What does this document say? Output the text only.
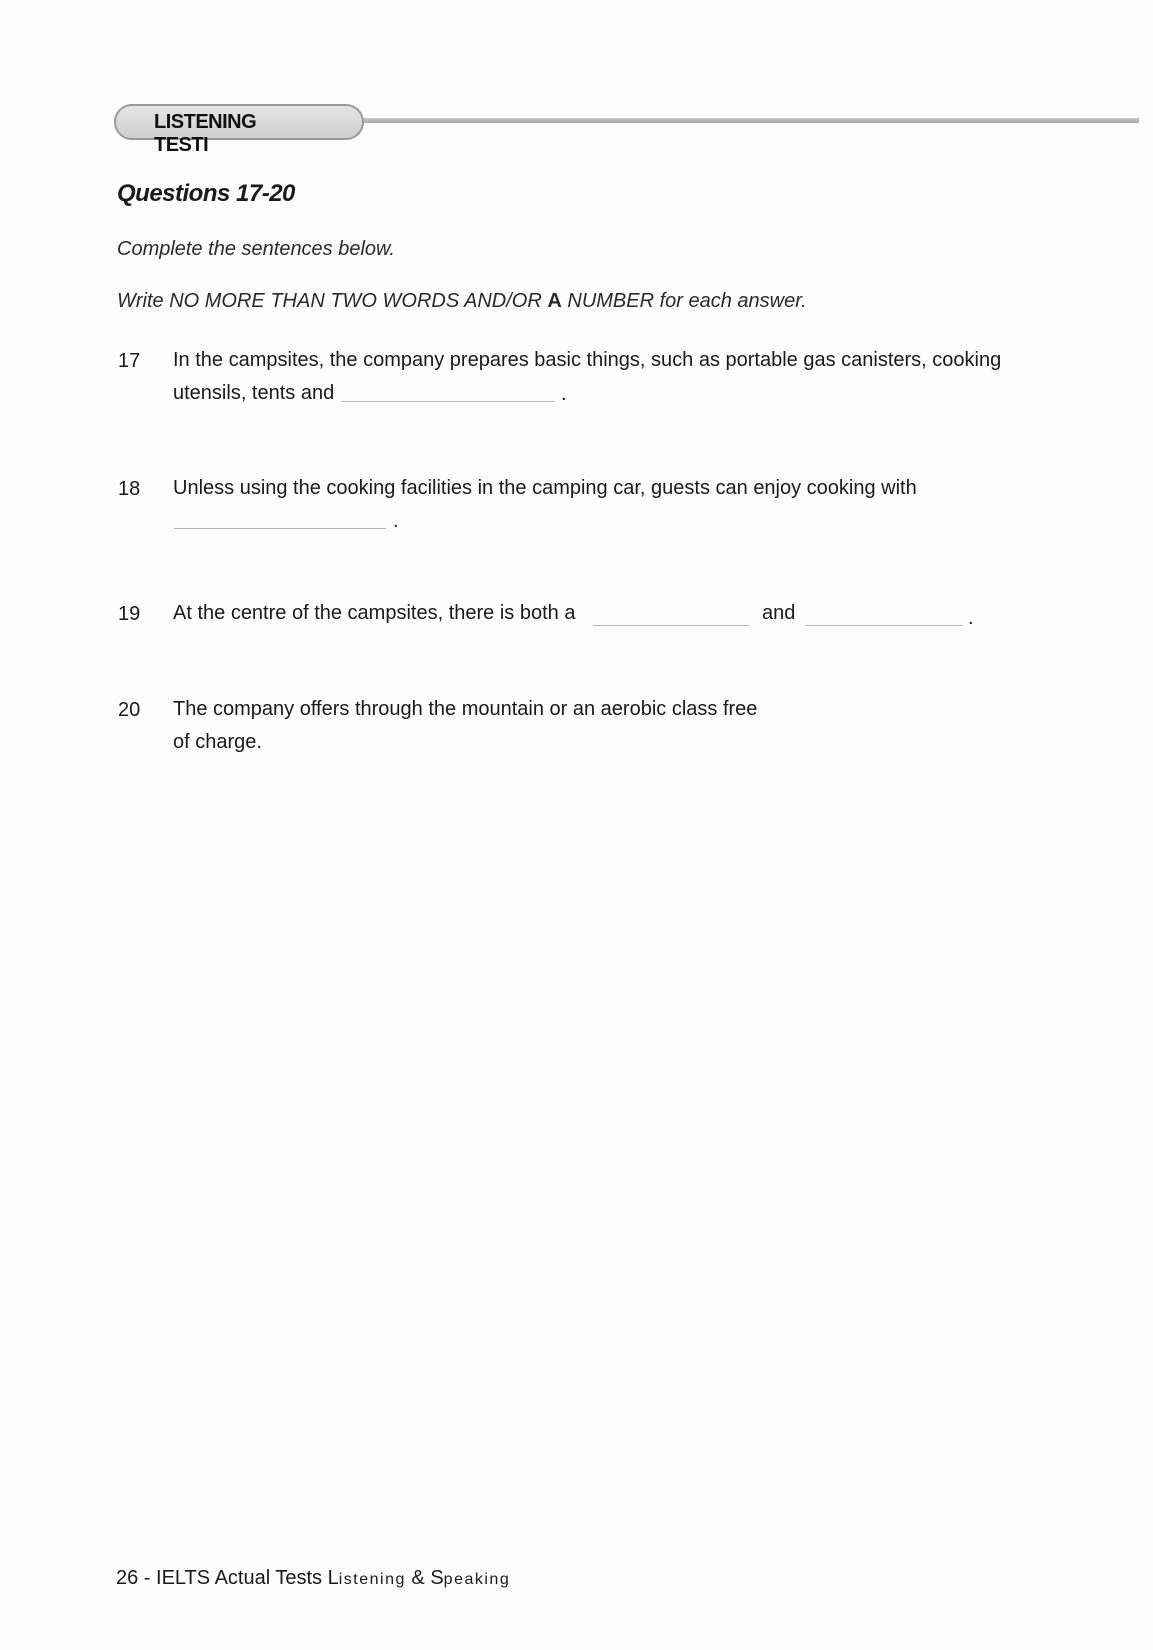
LISTENING TESTI
Questions 17-20
Complete the sentences below.
Write NO MORE THAN TWO WORDS AND/OR A NUMBER for each answer.
17 In the campsites, the company prepares basic things, such as portable gas canisters, cooking
utensils, tents and	.
18 Unless using the cooking facilities in the camping car, guests can enjoy cooking with
.
19 At the centre of the campsites, there is both a	and	.
20 The company offers through the mountain or an aerobic class free
of charge.
26 - IELTS Actual Tests Listening & Speaking
